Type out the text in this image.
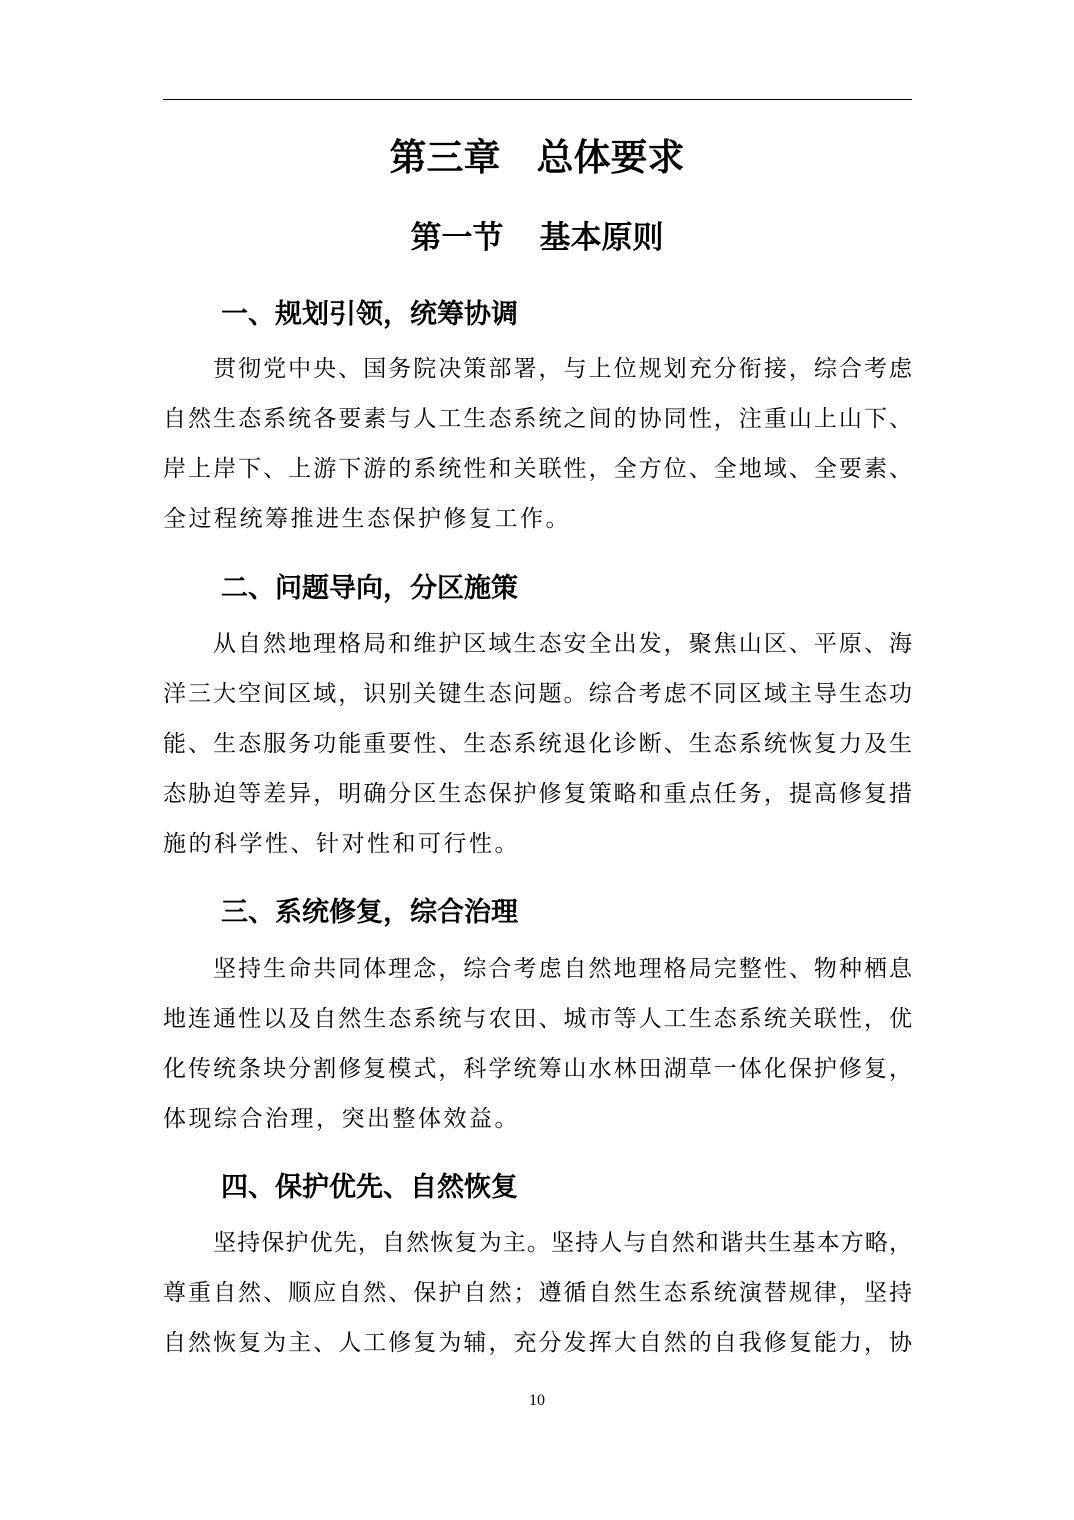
第三章 总体要求
第一节 基本原则
一、规划引领，统筹协调
贯彻党中央、国务院决策部署，与上位规划充分衔接，综合考虑
自然生态系统各要素与人工生态系统之间的协同性，注重山上山下、
岸上岸下、上游下游的系统性和关联性，全方位、全地域、全要素、
全过程统筹推进生态保护修复工作。
二、问题导向，分区施策
从自然地理格局和维护区域生态安全出发，聚焦山区、平原、海
洋三大空间区域，识别关键生态问题。综合考虑不同区域主导生态功
能、生态服务功能重要性、生态系统退化诊断、生态系统恢复力及生
态胁迫等差异，明确分区生态保护修复策略和重点任务，提高修复措
施的科学性、针对性和可行性。
三、系统修复，综合治理
坚持生命共同体理念，综合考虑自然地理格局完整性、物种栖息
地连通性以及自然生态系统与农田、城市等人工生态系统关联性，优
化传统条块分割修复模式，科学统筹山水林田湖草一体化保护修复，
体现综合治理，突出整体效益。
四、保护优先、自然恢复
坚持保护优先，自然恢复为主。坚持人与自然和谐共生基本方略，
尊重自然、顺应自然、保护自然；遵循自然生态系统演替规律，坚持
自然恢复为主、人工修复为辅，充分发挥大自然的自我修复能力，协
10
